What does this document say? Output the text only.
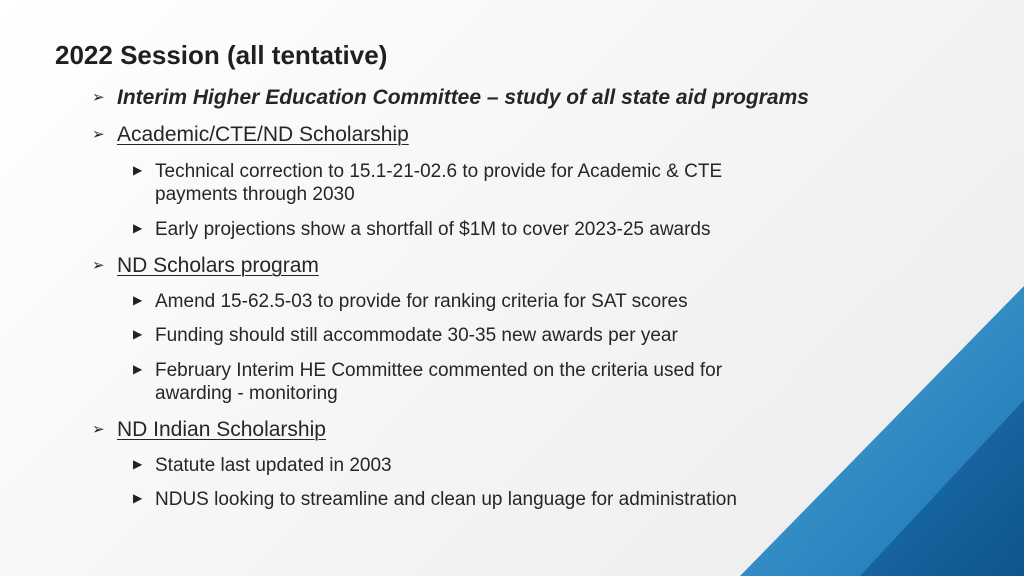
2022 Session (all tentative)
➢ Interim Higher Education Committee – study of all state aid programs
➢ Academic/CTE/ND Scholarship
▶ Technical correction to 15.1-21-02.6 to provide for Academic & CTE
payments through 2030
▶ Early projections show a shortfall of $1M to cover 2023-25 awards
➢ ND Scholars program
▶ Amend 15-62.5-03 to provide for ranking criteria for SAT scores
▶ Funding should still accommodate 30-35 new awards per year
▶ February Interim HE Committee commented on the criteria used for
awarding - monitoring
➢ ND Indian Scholarship
▶ Statute last updated in 2003
▶ NDUS looking to streamline and clean up language for administration
